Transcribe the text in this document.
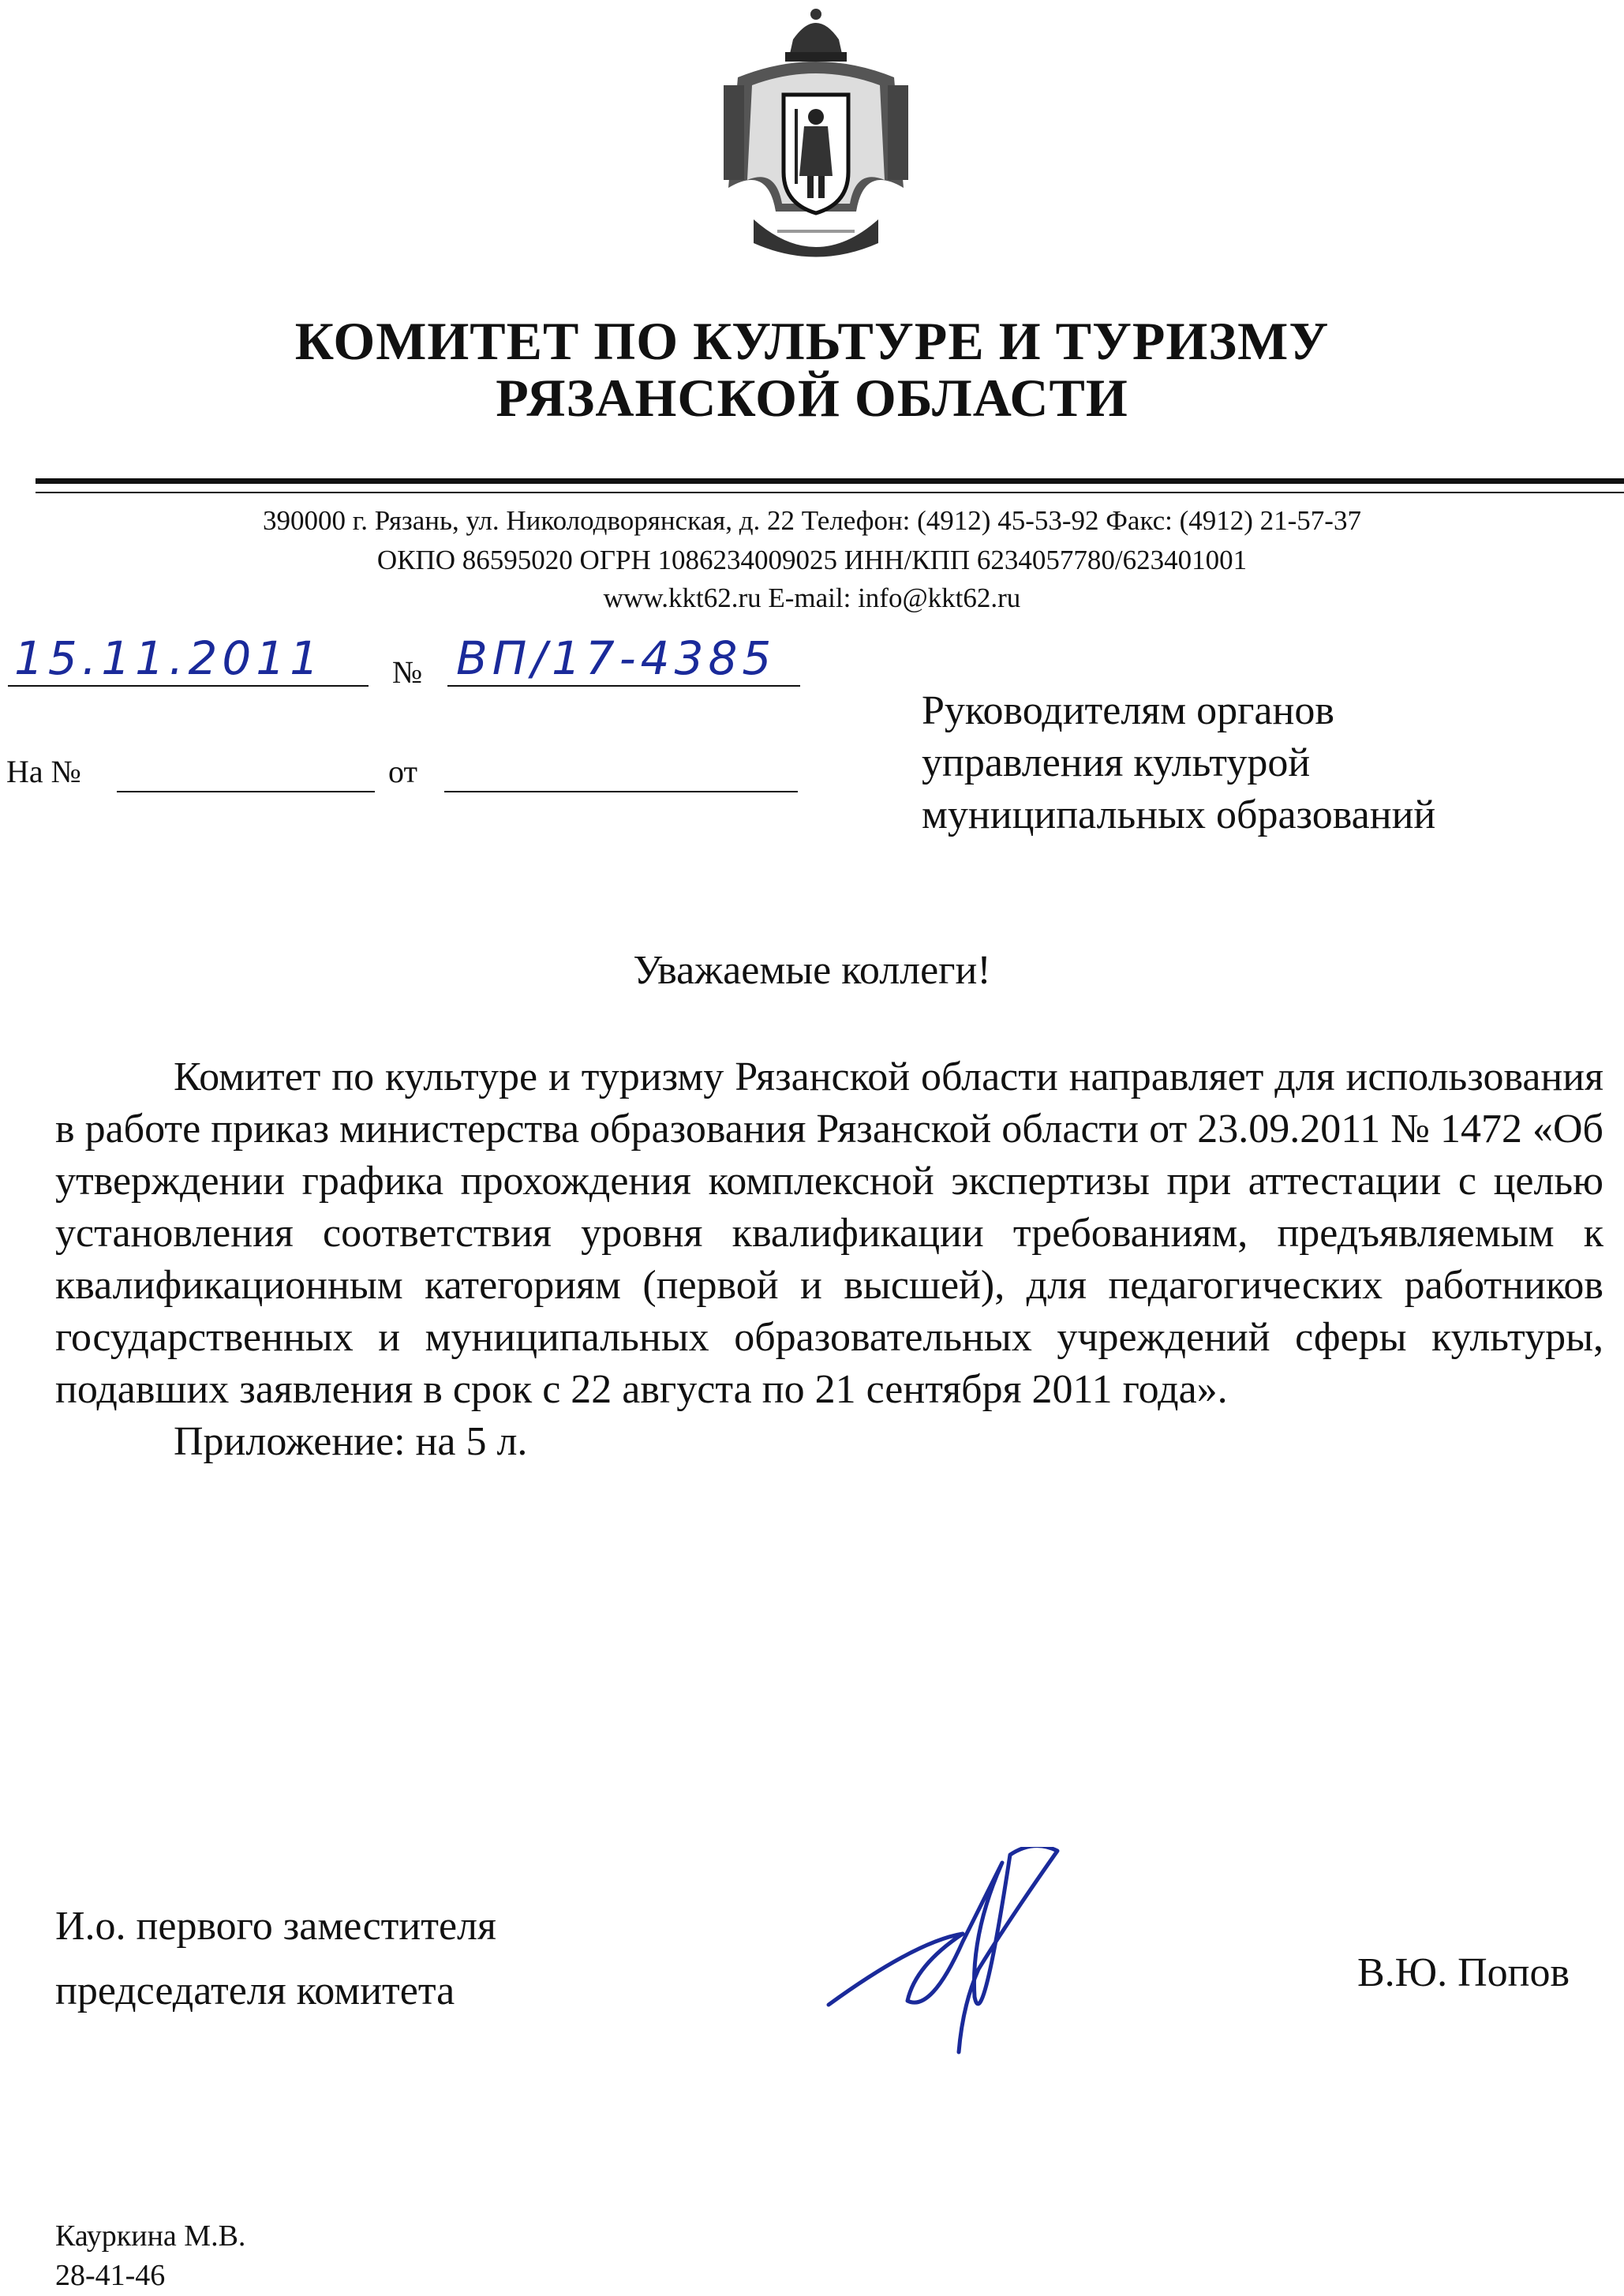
КОМИТЕТ ПО КУЛЬТУРЕ И ТУРИЗМУ
РЯЗАНСКОЙ ОБЛАСТИ
390000 г. Рязань, ул. Николодворянская, д. 22 Телефон: (4912) 45-53-92 Факс: (4912) 21-57-37
ОКПО 86595020 ОГРН 1086234009025 ИНН/КПП 6234057780/623401001
www.kkt62.ru E-mail: info@kkt62.ru
15.11.2011 № ВП/17-4385
На №	от
Руководителям органов
управления культурой
муниципальных образований
Уважаемые коллеги!

Комитет по культуре и туризму Рязанской области направляет для использования в работе приказ министерства образования Рязанской области от 23.09.2011 № 1472 «Об утверждении графика прохождения комплексной экспертизы при аттестации с целью установления соответствия уровня квалификации требованиям, предъявляемым к квалификационным категориям (первой и высшей), для педагогических работников государственных и муниципальных образовательных учреждений сферы культуры, подавших заявления в срок с 22 августа по 21 сентября 2011 года».

Приложение: на 5 л.

И.о. первого заместителя
председателя комитета	В.Ю. Попов
Кауркина М.В.
28-41-46
